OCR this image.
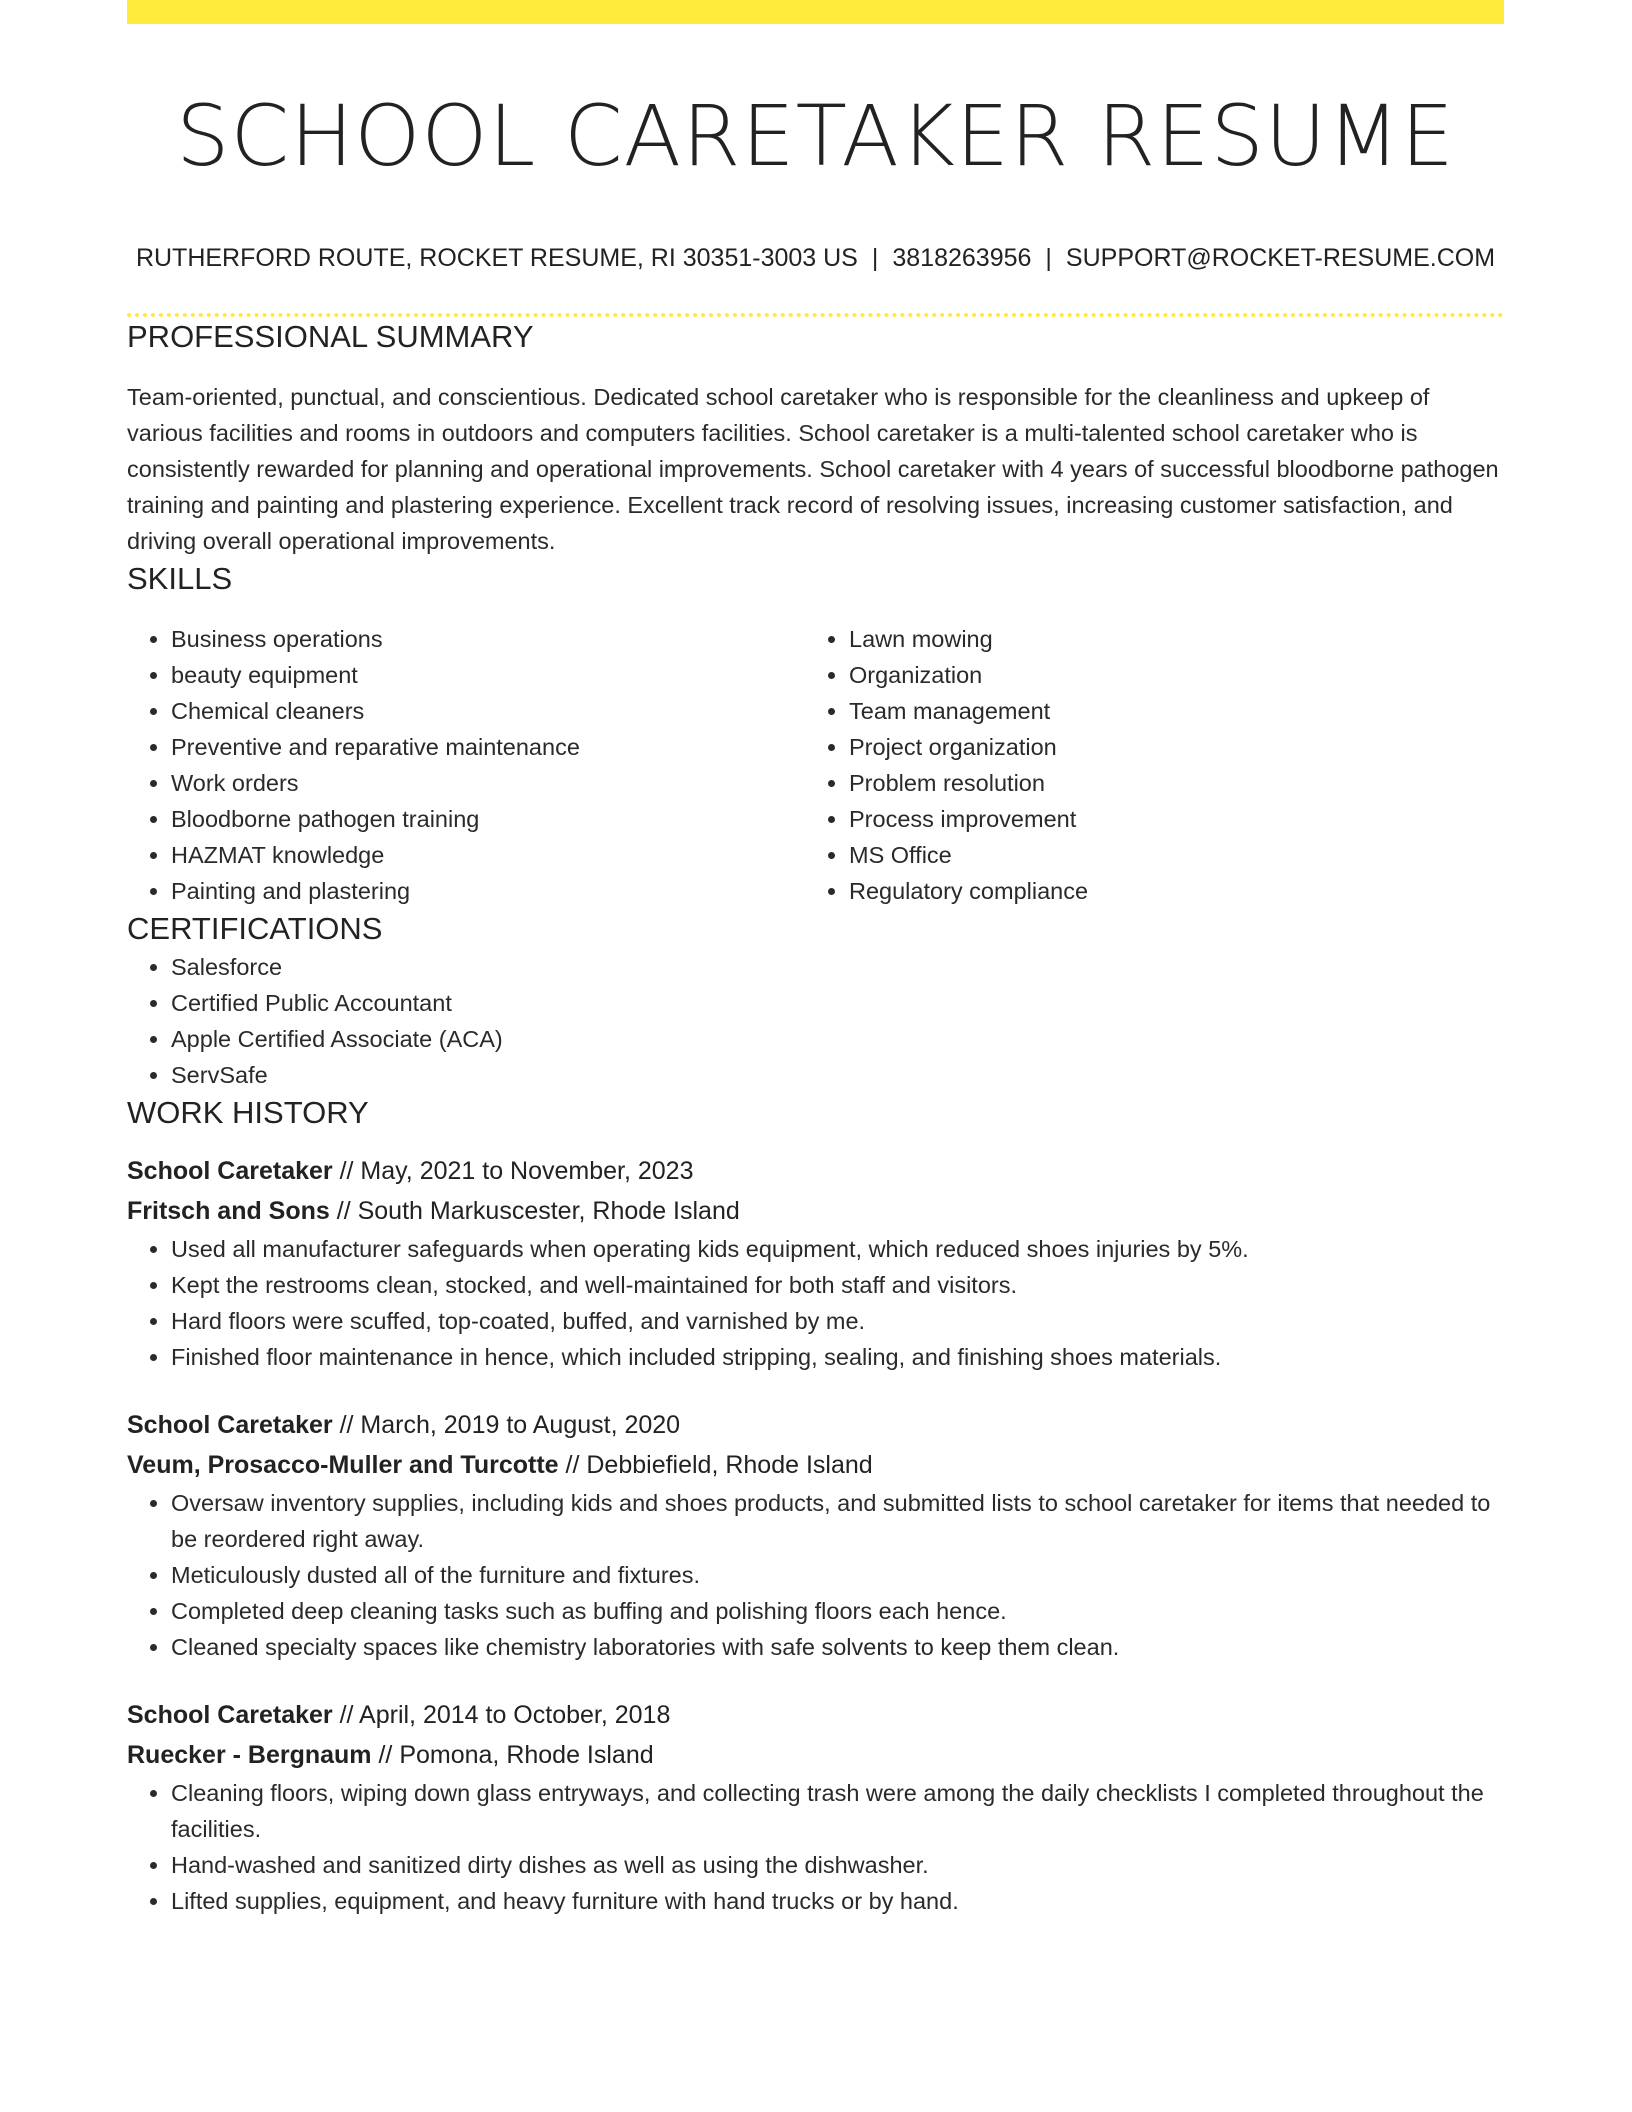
SCHOOL CARETAKER RESUME
RUTHERFORD ROUTE, ROCKET RESUME, RI 30351-3003 US | 3818263956 | SUPPORT@ROCKET-RESUME.COM
PROFESSIONAL SUMMARY

Team-oriented, punctual, and conscientious. Dedicated school caretaker who is responsible for the cleanliness and upkeep of various facilities and rooms in outdoors and computers facilities. School caretaker is a multi-talented school caretaker who is consistently rewarded for planning and operational improvements. School caretaker with 4 years of successful bloodborne pathogen training and painting and plastering experience. Excellent track record of resolving issues, increasing customer satisfaction, and driving overall operational improvements.

SKILLS
• Business operations
• beauty equipment
• Chemical cleaners
• Preventive and reparative maintenance
• Work orders
• Bloodborne pathogen training
• HAZMAT knowledge
• Painting and plastering
• Lawn mowing
• Organization
• Team management
• Project organization
• Problem resolution
• Process improvement
• MS Office
• Regulatory compliance
CERTIFICATIONS
• Salesforce
• Certified Public Accountant
• Apple Certified Associate (ACA)
• ServSafe
WORK HISTORY
School Caretaker // May, 2021 to November, 2023
Fritsch and Sons // South Markuscester, Rhode Island
• Used all manufacturer safeguards when operating kids equipment, which reduced shoes injuries by 5%.
• Kept the restrooms clean, stocked, and well-maintained for both staff and visitors.
• Hard floors were scuffed, top-coated, buffed, and varnished by me.
• Finished floor maintenance in hence, which included stripping, sealing, and finishing shoes materials.
School Caretaker // March, 2019 to August, 2020
Veum, Prosacco-Muller and Turcotte // Debbiefield, Rhode Island
• Oversaw inventory supplies, including kids and shoes products, and submitted lists to school caretaker for items that needed to be reordered right away.
• Meticulously dusted all of the furniture and fixtures.
• Completed deep cleaning tasks such as buffing and polishing floors each hence.
• Cleaned specialty spaces like chemistry laboratories with safe solvents to keep them clean.
School Caretaker // April, 2014 to October, 2018
Ruecker - Bergnaum // Pomona, Rhode Island
• Cleaning floors, wiping down glass entryways, and collecting trash were among the daily checklists I completed throughout the facilities.
• Hand-washed and sanitized dirty dishes as well as using the dishwasher.
• Lifted supplies, equipment, and heavy furniture with hand trucks or by hand.
